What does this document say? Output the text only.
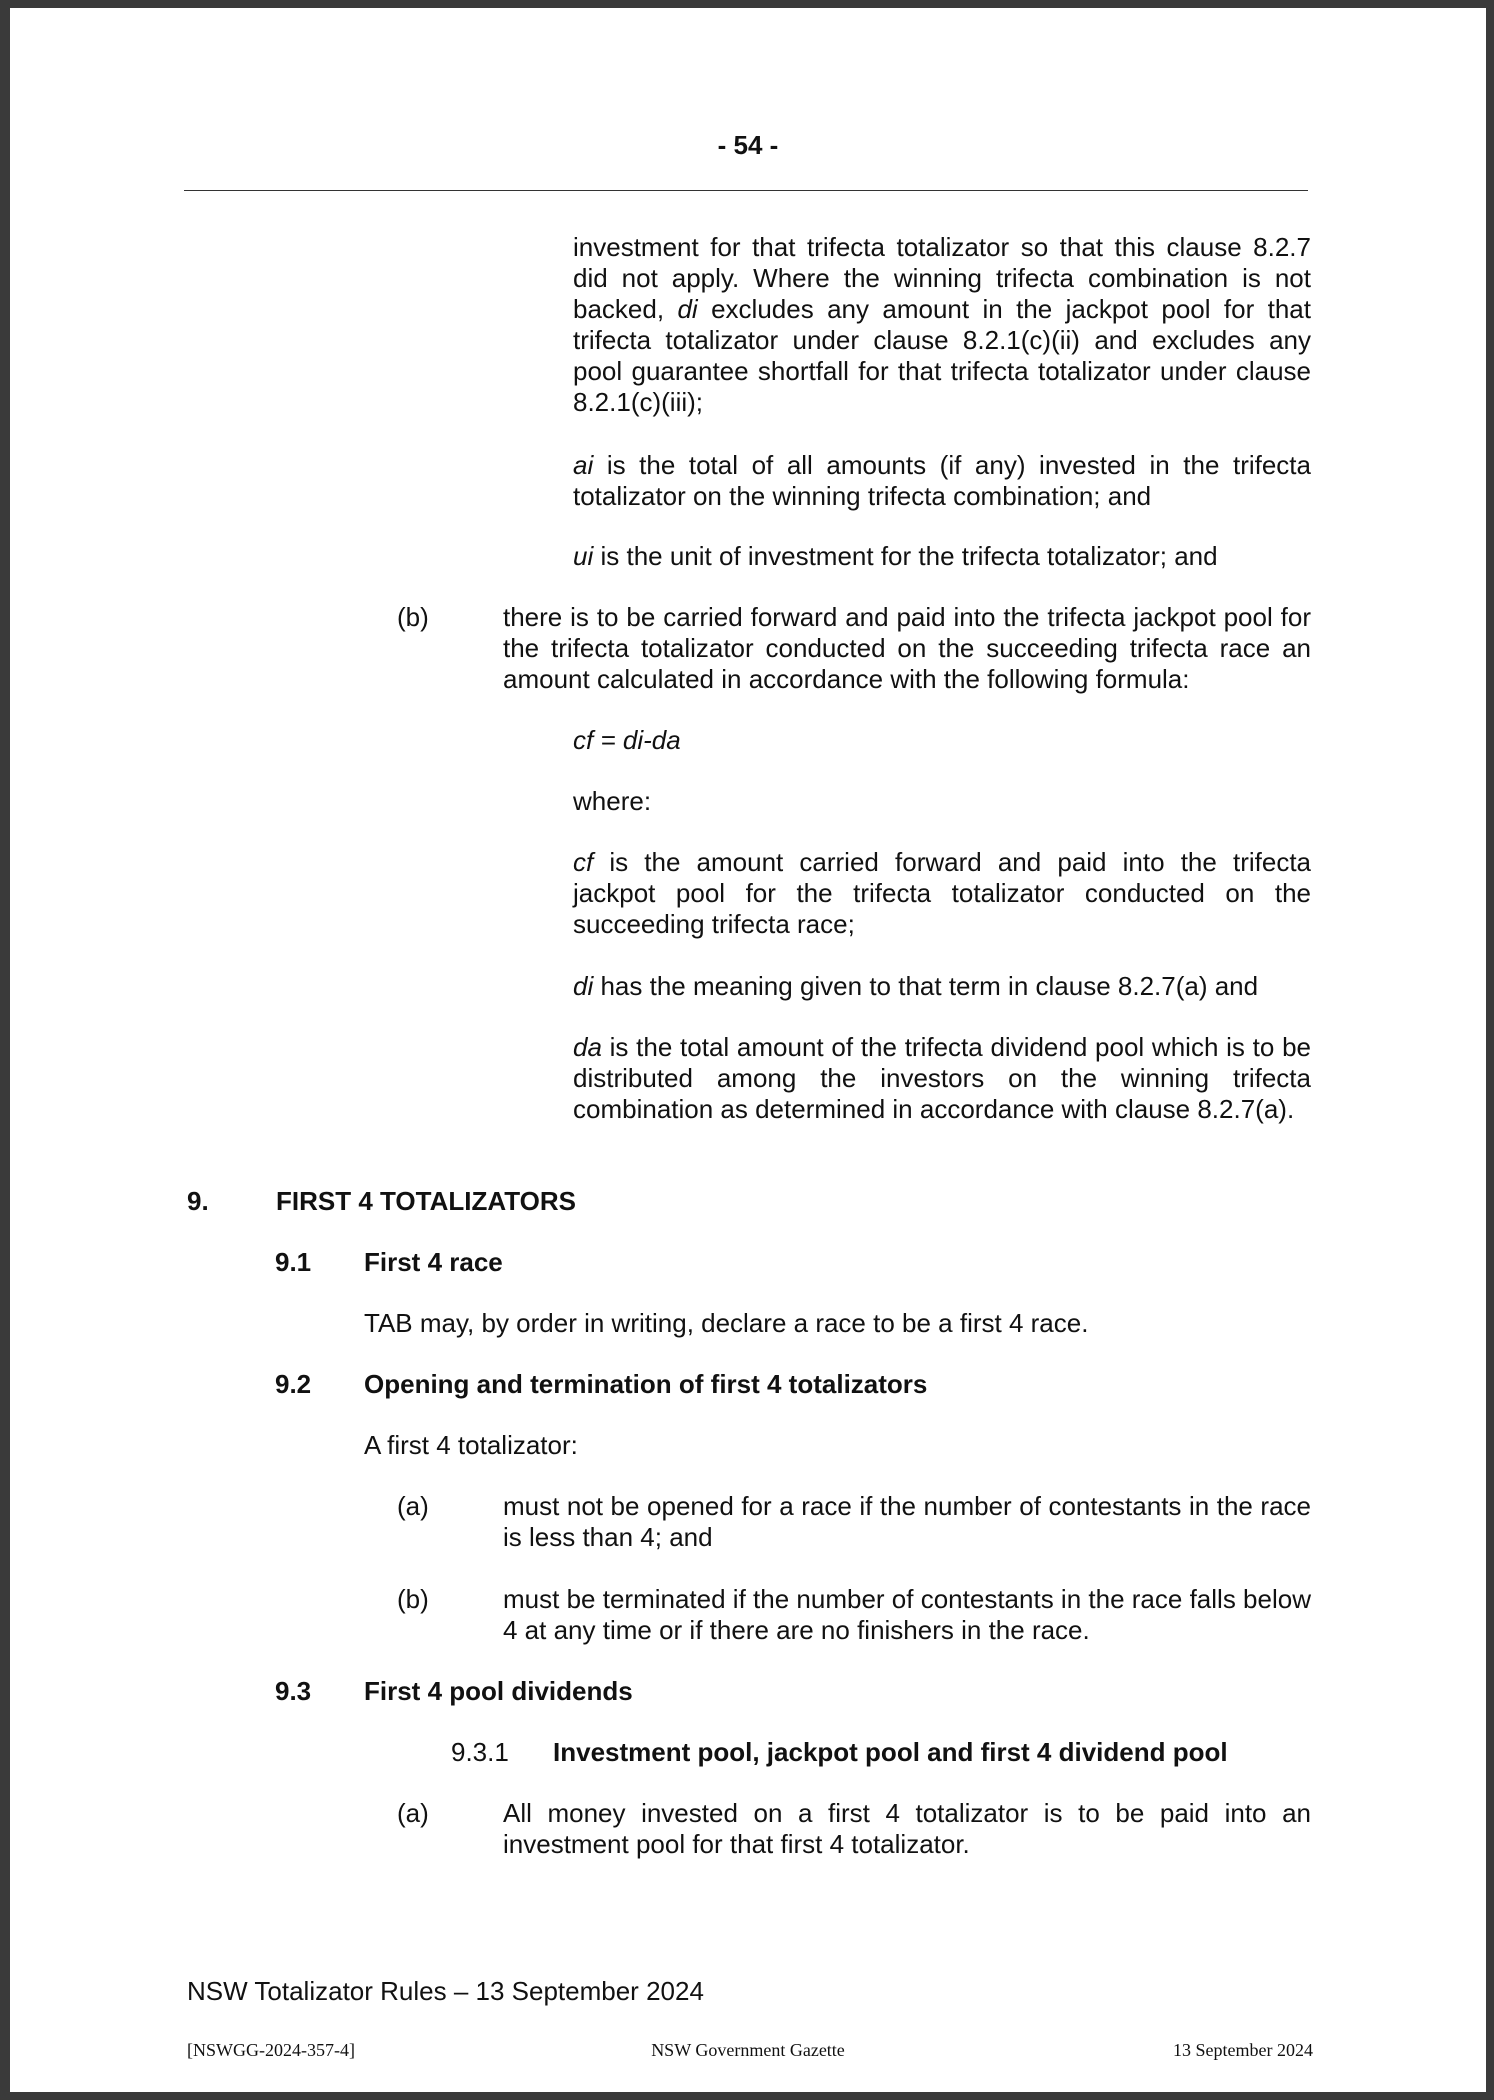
- 54 -
investment for that trifecta totalizator so that this clause 8.2.7 did not apply. Where the winning trifecta combination is not backed, di excludes any amount in the jackpot pool for that trifecta totalizator under clause 8.2.1(c)(ii) and excludes any pool guarantee shortfall for that trifecta totalizator under clause 8.2.1(c)(iii);
ai is the total of all amounts (if any) invested in the trifecta totalizator on the winning trifecta combination; and
ui is the unit of investment for the trifecta totalizator; and
(b)	there is to be carried forward and paid into the trifecta jackpot pool for the trifecta totalizator conducted on the succeeding trifecta race an amount calculated in accordance with the following formula:
cf = di-da
where:
cf is the amount carried forward and paid into the trifecta jackpot pool for the trifecta totalizator conducted on the succeeding trifecta race;
di has the meaning given to that term in clause 8.2.7(a) and
da is the total amount of the trifecta dividend pool which is to be distributed among the investors on the winning trifecta combination as determined in accordance with clause 8.2.7(a).
9.	FIRST 4 TOTALIZATORS
9.1 First 4 race
TAB may, by order in writing, declare a race to be a first 4 race.
9.2 Opening and termination of first 4 totalizators
A first 4 totalizator:
(a)	must not be opened for a race if the number of contestants in the race is less than 4; and
(b)	must be terminated if the number of contestants in the race falls below 4 at any time or if there are no finishers in the race.
9.3 First 4 pool dividends
9.3.1 Investment pool, jackpot pool and first 4 dividend pool
(a)	All money invested on a first 4 totalizator is to be paid into an investment pool for that first 4 totalizator.
NSW Totalizator Rules – 13 September 2024
[NSWGG-2024-357-4]	NSW Government Gazette	13 September 2024
